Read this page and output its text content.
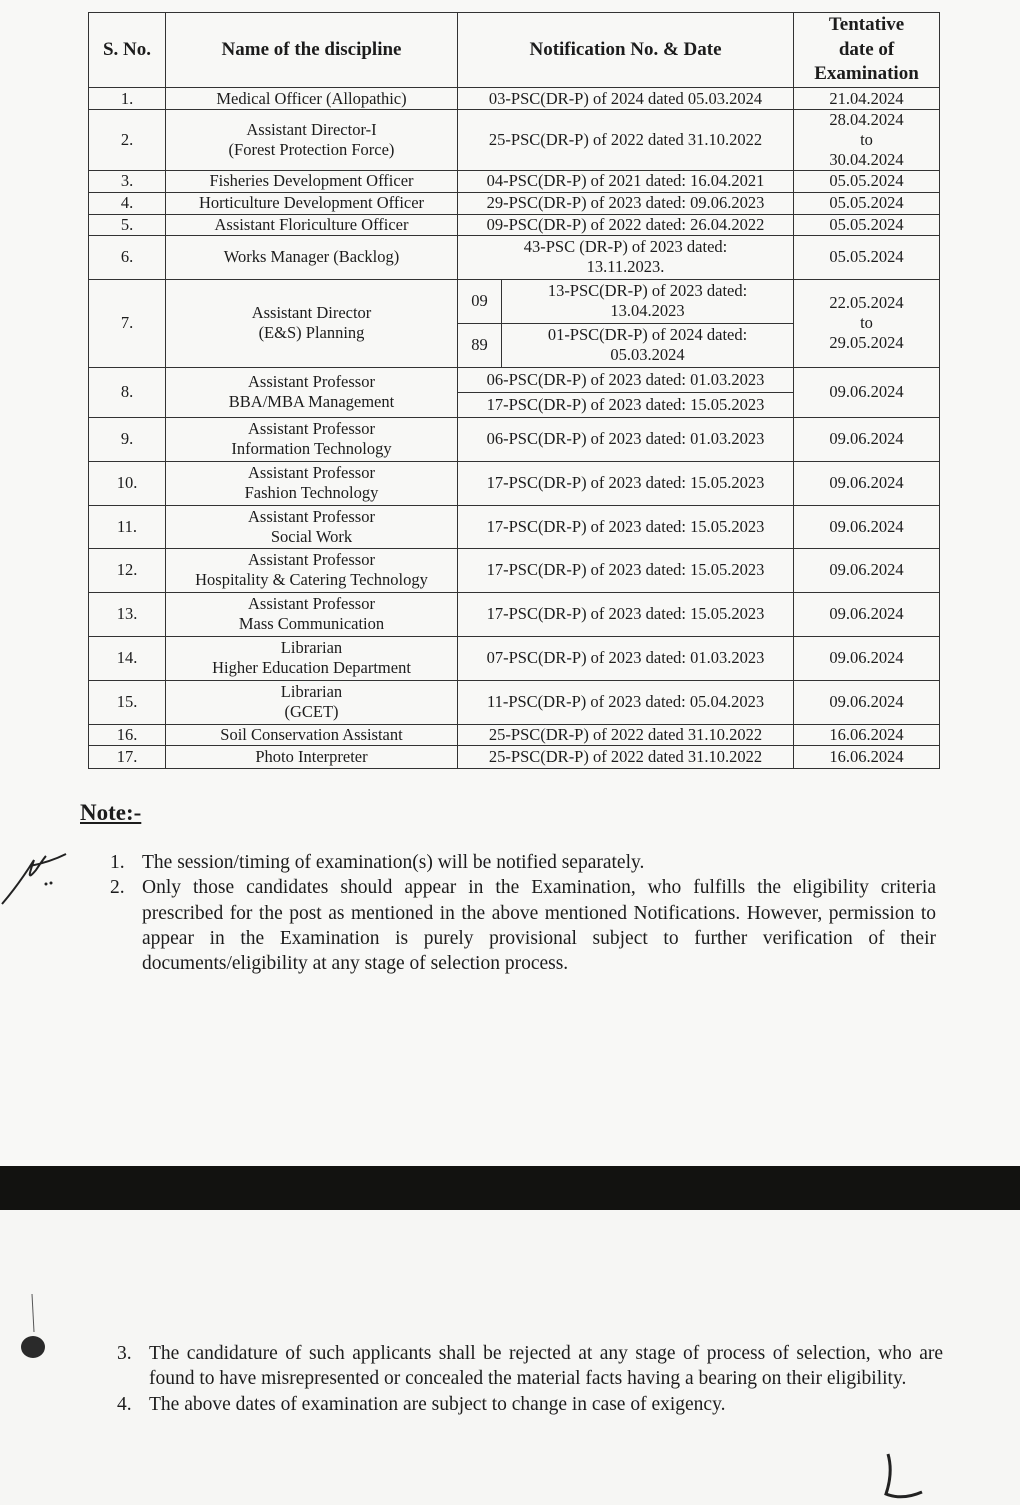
S. No.	Name of the discipline	Notification No. & Date		Tentative
date of
Examination

1.	Medical Officer (Allopathic)	03-PSC(DR-P) of 2024 dated 05.03.2024		21.04.2024

2.	Assistant Director-I
(Forest Protection Force)	25-PSC(DR-P) of 2022 dated 31.10.2022		28.04.2024
to
30.04.2024

3.	Fisheries Development Officer	04-PSC(DR-P) of 2021 dated: 16.04.2021		05.05.2024

4.	Horticulture Development Officer	29-PSC(DR-P) of 2023 dated: 09.06.2023		05.05.2024

5.	Assistant Floriculture Officer	09-PSC(DR-P) of 2022 dated: 26.04.2022		05.05.2024

6.	Works Manager (Backlog)	43-PSC (DR-P) of 2023 dated:
13.11.2023.		05.05.2024

7.	Assistant Director
(E&S) Planning	09	13-PSC(DR-P) of 2023 dated:
13.04.2023	22.05.2024
to
29.05.2024

		89	01-PSC(DR-P) of 2024 dated:
05.03.2024	

8.	Assistant Professor
BBA/MBA Management	06-PSC(DR-P) of 2023 dated: 01.03.2023		09.06.2024

		17-PSC(DR-P) of 2023 dated: 15.05.2023		
9.	Assistant Professor
Information Technology	06-PSC(DR-P) of 2023 dated: 01.03.2023		09.06.2024

10.	Assistant Professor
Fashion Technology	17-PSC(DR-P) of 2023 dated: 15.05.2023		09.06.2024

11.	Assistant Professor
Social Work	17-PSC(DR-P) of 2023 dated: 15.05.2023		09.06.2024

12.	Assistant Professor
Hospitality & Catering Technology	17-PSC(DR-P) of 2023 dated: 15.05.2023		09.06.2024

13.	Assistant Professor
Mass Communication	17-PSC(DR-P) of 2023 dated: 15.05.2023		09.06.2024

14.	Librarian
Higher Education Department	07-PSC(DR-P) of 2023 dated: 01.03.2023		09.06.2024

15.	Librarian
(GCET)	11-PSC(DR-P) of 2023 dated: 05.04.2023		09.06.2024

16.	Soil Conservation Assistant	25-PSC(DR-P) of 2022 dated 31.10.2022		16.06.2024

17.	Photo Interpreter	25-PSC(DR-P) of 2022 dated 31.10.2022		16.06.2024
Note:-
1. The session/timing of examination(s) will be notified separately.
2. Only those candidates should appear in the Examination, who fulfills the eligibility criteria prescribed for the post as mentioned in the above mentioned Notifications. However, permission to appear in the Examination is purely provisional subject to further verification of their documents/eligibility at any stage of selection process.
3. The candidature of such applicants shall be rejected at any stage of process of selection, who are found to have misrepresented or concealed the material facts having a bearing on their eligibility.
4. The above dates of examination are subject to change in case of exigency.
